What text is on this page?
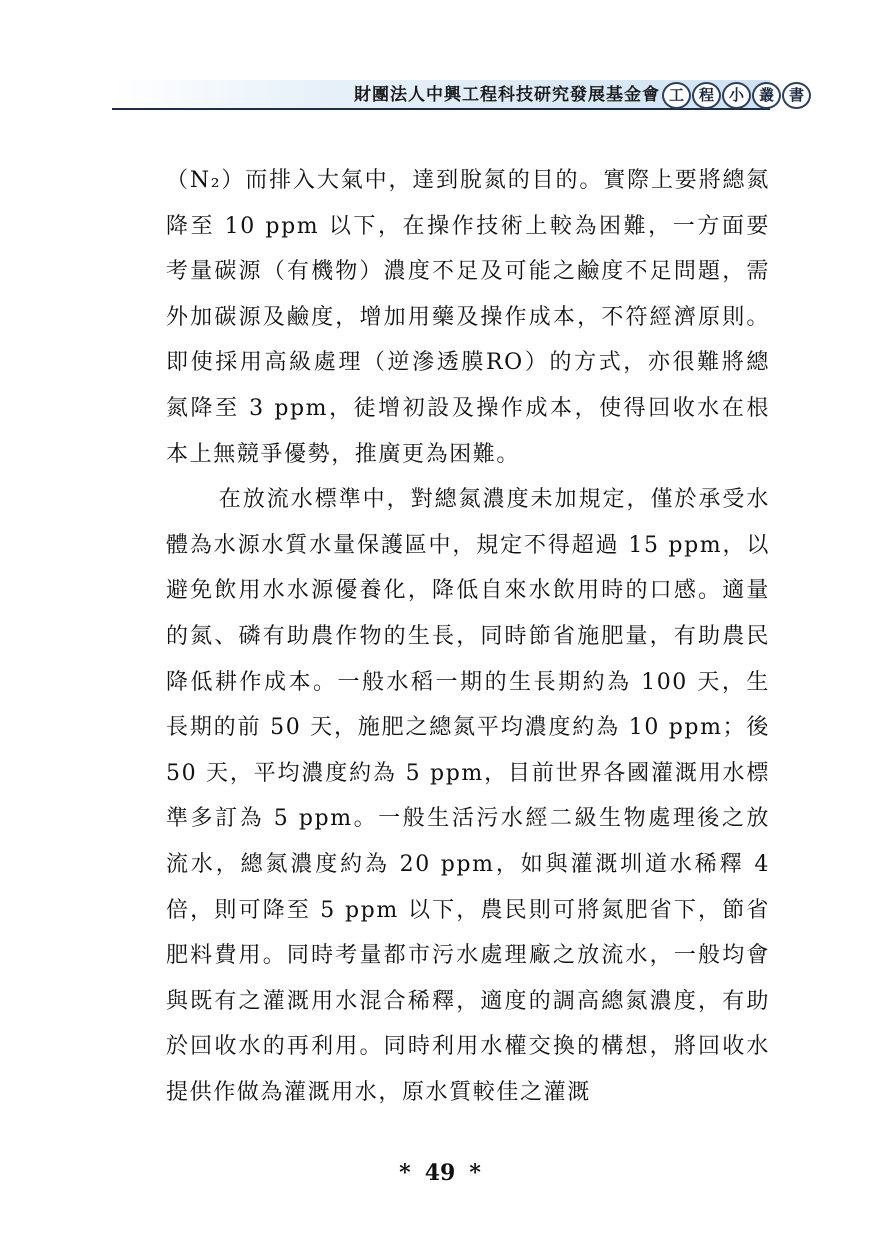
財團法人中興工程科技研究發展基金會 工 程 小 叢 書

（N₂）而排入大氣中，達到脫氮的目的。實際上要將總氮降至 10 ppm 以下，在操作技術上較為困難，一方面要考量碳源（有機物）濃度不足及可能之鹼度不足問題，需外加碳源及鹼度，增加用藥及操作成本，不符經濟原則。即使採用高級處理（逆滲透膜RO）的方式，亦很難將總氮降至 3 ppm，徒增初設及操作成本，使得回收水在根本上無競爭優勢，推廣更為困難。

在放流水標準中，對總氮濃度未加規定，僅於承受水體為水源水質水量保護區中，規定不得超過 15 ppm，以避免飲用水水源優養化，降低自來水飲用時的口感。適量的氮、磷有助農作物的生長，同時節省施肥量，有助農民降低耕作成本。一般水稻一期的生長期約為 100 天，生長期的前 50 天，施肥之總氮平均濃度約為 10 ppm；後 50 天，平均濃度約為 5 ppm，目前世界各國灌溉用水標準多訂為 5 ppm。一般生活污水經二級生物處理後之放流水，總氮濃度約為 20 ppm，如與灌溉圳道水稀釋 4 倍，則可降至 5 ppm 以下，農民則可將氮肥省下，節省肥料費用。同時考量都市污水處理廠之放流水，一般均會與既有之灌溉用水混合稀釋，適度的調高總氮濃度，有助於回收水的再利用。同時利用水權交換的構想，將回收水提供作做為灌溉用水，原水質較佳之灌溉

* 49 *
